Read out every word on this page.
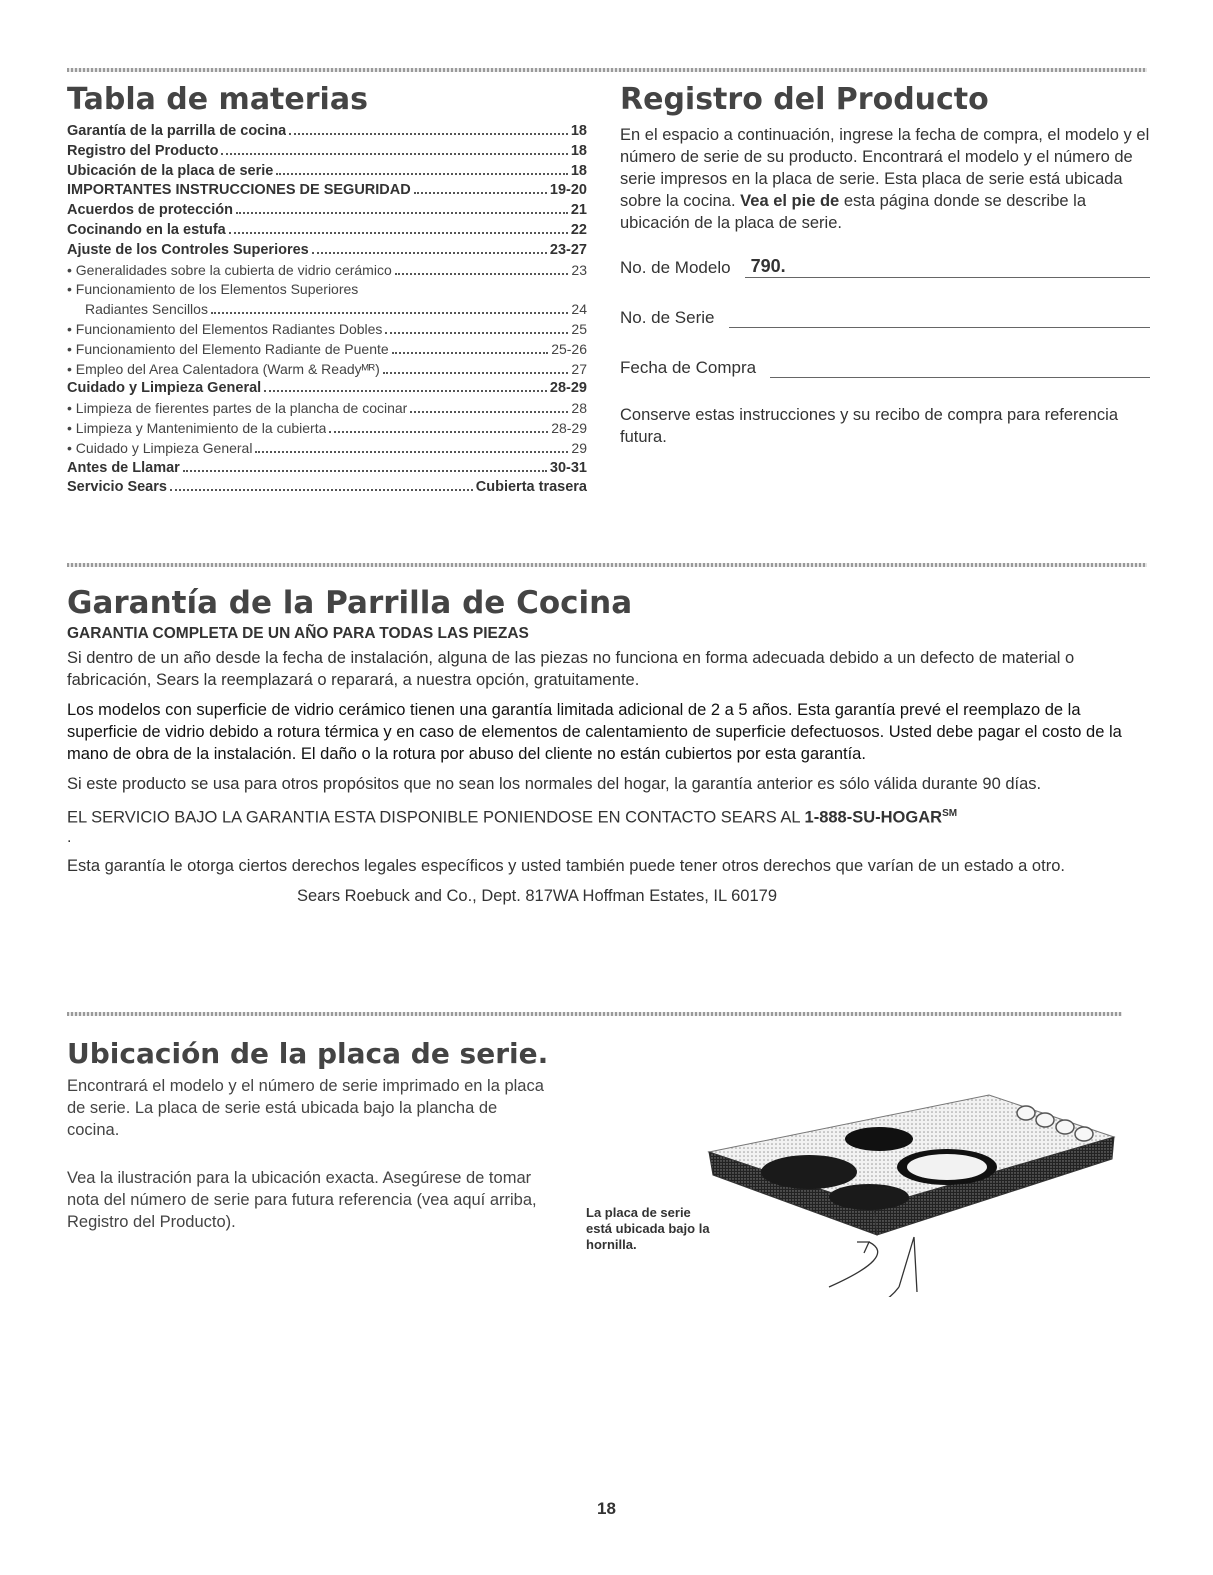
Tabla de materias
Garantía de la parrilla de cocina	18
Registro del Producto	18
Ubicación de la placa de serie	18
IMPORTANTES INSTRUCCIONES DE SEGURIDAD	19-20
Acuerdos de protección	21
Cocinando en la estufa	22
Ajuste de los Controles Superiores	23-27
• Generalidades sobre la cubierta de vidrio cerámico	23
• Funcionamiento de los Elementos Superiores
Radiantes Sencillos	24
• Funcionamiento del Elementos Radiantes Dobles	25
• Funcionamiento del Elemento Radiante de Puente	25-26
• Empleo del Area Calentadora (Warm & Readyᴹᴿ)	27
Cuidado y Limpieza General	28-29
• Limpieza de fierentes partes de la plancha de cocinar	28
• Limpieza y Mantenimiento de la cubierta	28-29
• Cuidado y Limpieza General	29
Antes de Llamar	30-31
Servicio Sears	Cubierta trasera
Registro del Producto

En el espacio a continuación, ingrese la fecha de compra, el modelo y el número de serie de su producto. Encontrará el modelo y el número de serie impresos en la placa de serie. Esta placa de serie está ubicada sobre la cocina. Vea el pie de esta página donde se describe la ubicación de la placa de serie.

No. de Modelo	790.
No. de Serie
Fecha de Compra

Conserve estas instrucciones y su recibo de compra para referencia futura.

Garantía de la Parrilla de Cocina
GARANTIA COMPLETA DE UN AÑO PARA TODAS LAS PIEZAS

Si dentro de un año desde la fecha de instalación, alguna de las piezas no funciona en forma adecuada debido a un defecto de material o fabricación, Sears la reemplazará o reparará, a nuestra opción, gratuitamente.

Los modelos con superficie de vidrio cerámico tienen una garantía limitada adicional de 2 a 5 años. Esta garantía prevé el reemplazo de la superficie de vidrio debido a rotura térmica y en caso de elementos de calentamiento de superficie defectuosos. Usted debe pagar el costo de la mano de obra de la instalación. El daño o la rotura por abuso del cliente no están cubiertos por esta garantía.

Si este producto se usa para otros propósitos que no sean los normales del hogar, la garantía anterior es sólo válida durante 90 días.

EL SERVICIO BAJO LA GARANTIA ESTA DISPONIBLE PONIENDOSE EN CONTACTO SEARS AL 1-888-SU-HOGAR℠

.

Esta garantía le otorga ciertos derechos legales específicos y usted también puede tener otros derechos que varían de un estado a otro.

Sears Roebuck and Co., Dept. 817WA Hoffman Estates, IL 60179

Ubicación de la placa de serie.

Encontrará el modelo y el número de serie imprimado en la placa de serie. La placa de serie está ubicada bajo la plancha de cocina.

Vea la ilustración para la ubicación exacta. Asegúrese de tomar nota del número de serie para futura referencia (vea aquí arriba, Registro del Producto).

La placa de serie
está ubicada bajo la
hornilla.
18
